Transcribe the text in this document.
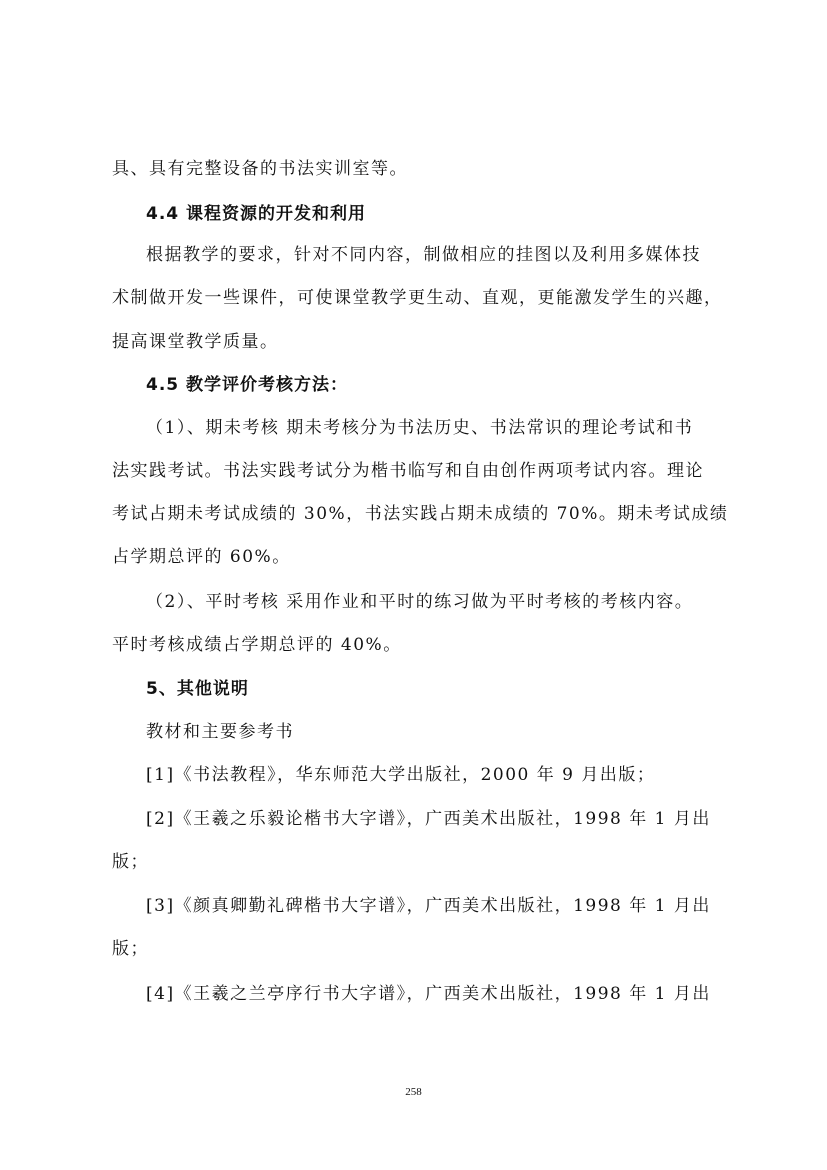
具、具有完整设备的书法实训室等。

4.4 课程资源的开发和利用

根据教学的要求，针对不同内容，制做相应的挂图以及利用多媒体技

术制做开发一些课件，可使课堂教学更生动、直观，更能激发学生的兴趣，

提高课堂教学质量。

4.5 教学评价考核方法：

（1）、期未考核 期未考核分为书法历史、书法常识的理论考试和书

法实践考试。书法实践考试分为楷书临写和自由创作两项考试内容。理论

考试占期未考试成绩的 30%，书法实践占期未成绩的 70%。期未考试成绩

占学期总评的 60%。

（2）、平时考核 采用作业和平时的练习做为平时考核的考核内容。

平时考核成绩占学期总评的 40%。

5、其他说明

教材和主要参考书

[1]《书法教程》，华东师范大学出版社，2000 年 9 月出版；

[2]《王羲之乐毅论楷书大字谱》，广西美术出版社，1998 年 1 月出

版；

[3]《颜真卿勤礼碑楷书大字谱》，广西美术出版社，1998 年 1 月出

版；

[4]《王羲之兰亭序行书大字谱》，广西美术出版社，1998 年 1 月出

258
